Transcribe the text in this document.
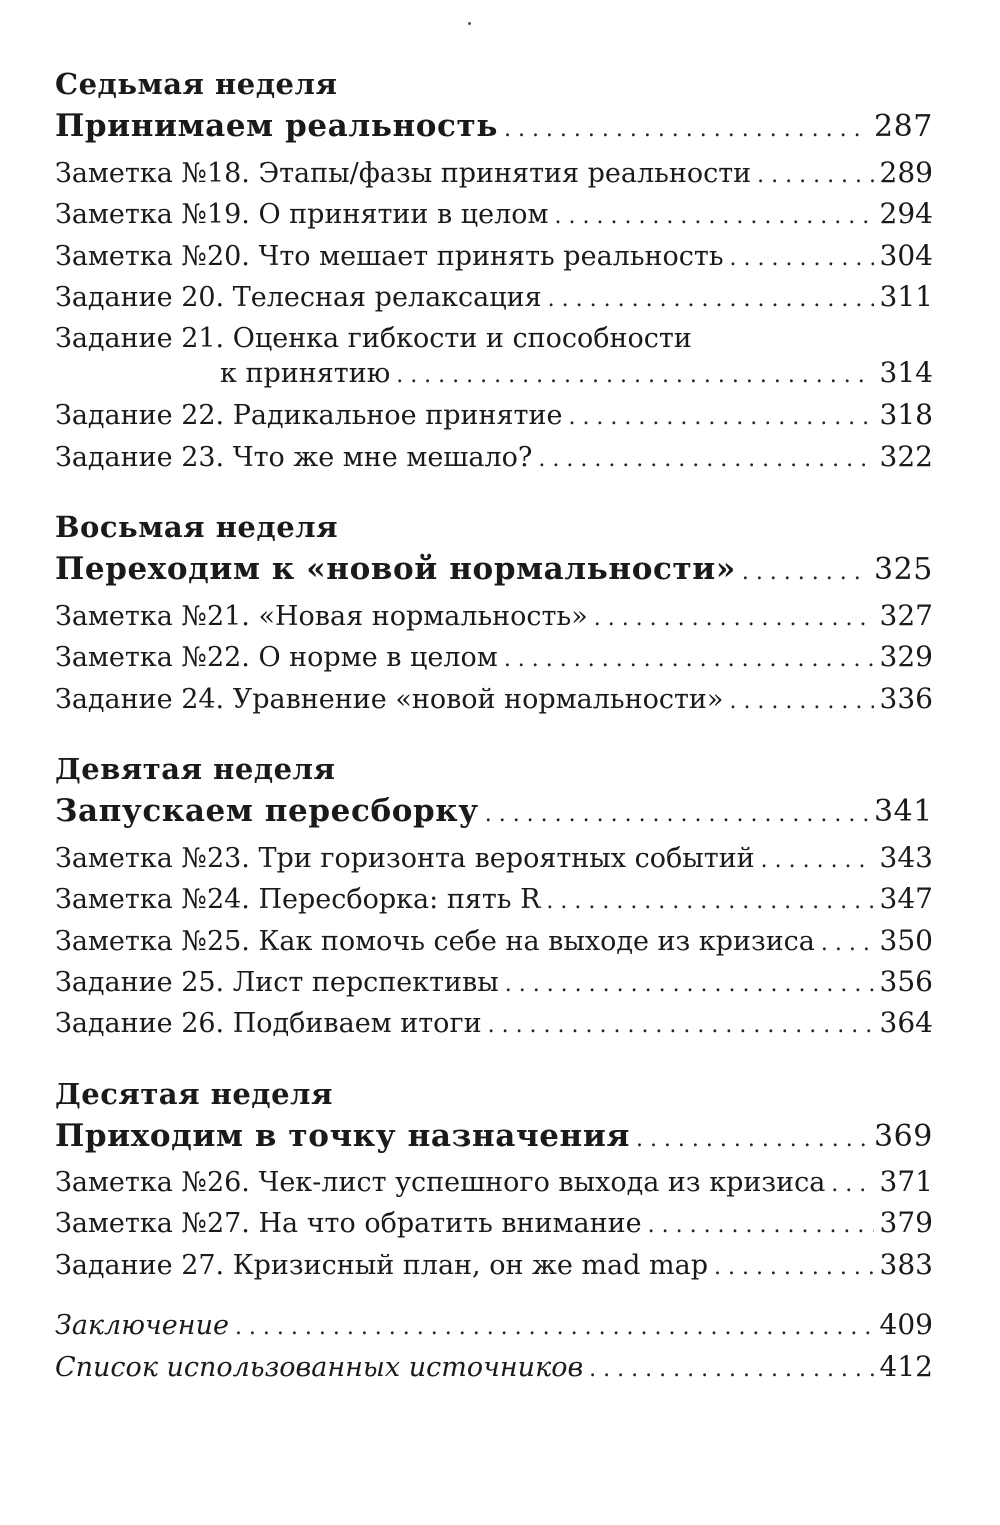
Седьмая неделя
Принимаем реальность . . .	287
Заметка №18. Этапы/фазы принятия реальности . . .	289
Заметка №19. О принятии в целом . . .	294
Заметка №20. Что мешает принять реальность . . .	304
Задание 20. Телесная релаксация . . .	311
Задание 21. Оценка гибкости и способности
к принятию . . .	314
Задание 22. Радикальное принятие . . .	318
Задание 23. Что же мне мешало? . . .	322
Восьмая неделя
Переходим к «новой нормальности» . . .	325
Заметка №21. «Новая нормальность» . . .	327
Заметка №22. О норме в целом . . .	329
Задание 24. Уравнение «новой нормальности» . . .	336
Девятая неделя
Запускаем пересборку . . .	341
Заметка №23. Три горизонта вероятных событий . . .	343
Заметка №24. Пересборка: пять R . . .	347
Заметка №25. Как помочь себе на выходе из кризиса . . . 350
Задание 25. Лист перспективы . . .	356
Задание 26. Подбиваем итоги . . .	364
Десятая неделя
Приходим в точку назначения . . .	369
Заметка №26. Чек-лист успешного выхода из кризиса . . . 371
Заметка №27. На что обратить внимание . . .	379
Задание 27. Кризисный план, он же mad map . . .	383
Заключение . . .	409
Список использованных источников . . .	412
